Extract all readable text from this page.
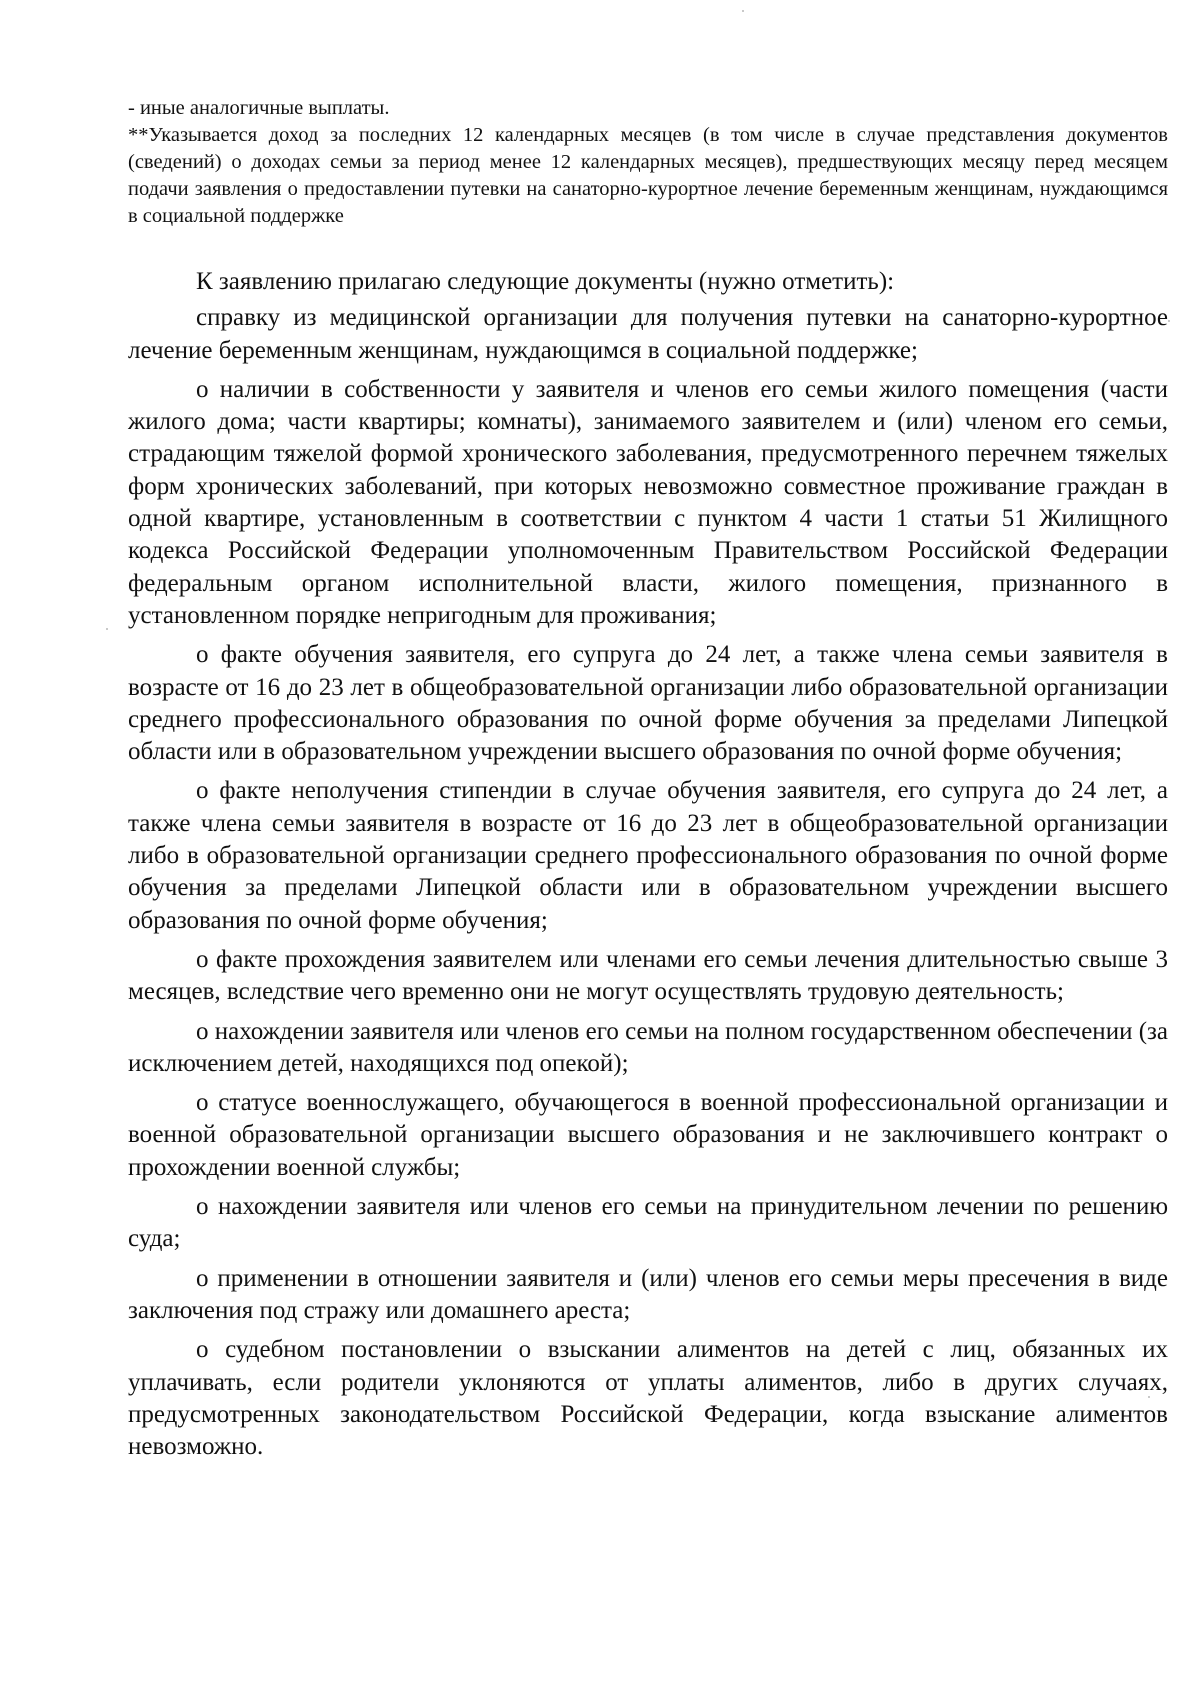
- иные аналогичные выплаты.

**Указывается доход за последних 12 календарных месяцев (в том числе в случае представления документов (сведений) о доходах семьи за период менее 12 календарных месяцев), предшествующих месяцу перед месяцем подачи заявления о предоставлении путевки на санаторно-курортное лечение беременным женщинам, нуждающимся в социальной поддержке

К заявлению прилагаю следующие документы (нужно отметить):

справку из медицинской организации для получения путевки на санаторно-курортное лечение беременным женщинам, нуждающимся в социальной поддержке;

о наличии в собственности у заявителя и членов его семьи жилого помещения (части жилого дома; части квартиры; комнаты), занимаемого заявителем и (или) членом его семьи, страдающим тяжелой формой хронического заболевания, предусмотренного перечнем тяжелых форм хронических заболеваний, при которых невозможно совместное проживание граждан в одной квартире, установленным в соответствии с пунктом 4 части 1 статьи 51 Жилищного кодекса Российской Федерации уполномоченным Правительством Российской Федерации федеральным органом исполнительной власти, жилого помещения, признанного в установленном порядке непригодным для проживания;

о факте обучения заявителя, его супруга до 24 лет, а также члена семьи заявителя в возрасте от 16 до 23 лет в общеобразовательной организации либо образовательной организации среднего профессионального образования по очной форме обучения за пределами Липецкой области или в образовательном учреждении высшего образования по очной форме обучения;

о факте неполучения стипендии в случае обучения заявителя, его супруга до 24 лет, а также члена семьи заявителя в возрасте от 16 до 23 лет в общеобразовательной организации либо в образовательной организации среднего профессионального образования по очной форме обучения за пределами Липецкой области или в образовательном учреждении высшего образования по очной форме обучения;

о факте прохождения заявителем или членами его семьи лечения длительностью свыше 3 месяцев, вследствие чего временно они не могут осуществлять трудовую деятельность;

о нахождении заявителя или членов его семьи на полном государственном обеспечении (за исключением детей, находящихся под опекой);

о статусе военнослужащего, обучающегося в военной профессиональной организации и военной образовательной организации высшего образования и не заключившего контракт о прохождении военной службы;

о нахождении заявителя или членов его семьи на принудительном лечении по решению суда;

о применении в отношении заявителя и (или) членов его семьи меры пресечения в виде заключения под стражу или домашнего ареста;

о судебном постановлении о взыскании алиментов на детей с лиц, обязанных их уплачивать, если родители уклоняются от уплаты алиментов, либо в других случаях, предусмотренных законодательством Российской Федерации, когда взыскание алиментов невозможно.
